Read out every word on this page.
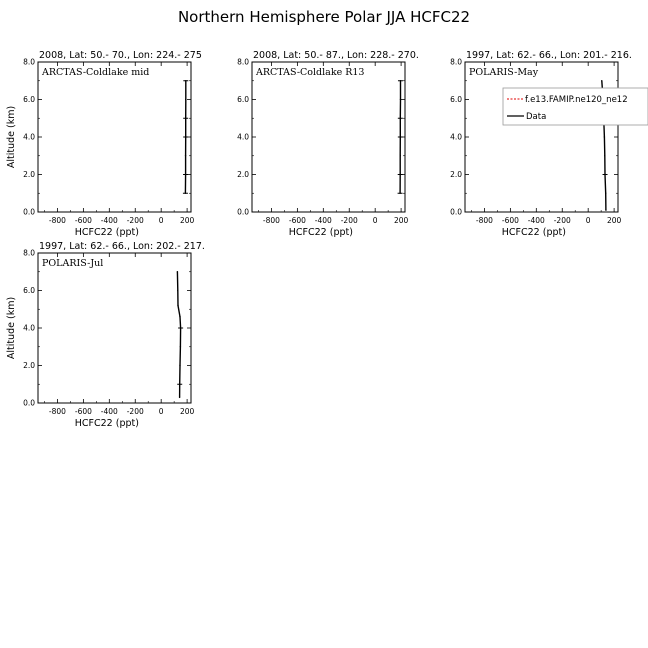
Northern Hemisphere Polar JJA HCFC22
2008, Lat: 50.- 70., Lon: 224.- 275
ARCTAS-Coldlake mid
-800 -600 -400 -200 0 200
0.0
2.0
4.0
6.0
8.0
HCFC22 (ppt)
Altitude (km)
2008, Lat: 50.- 87., Lon: 228.- 270.
ARCTAS-Coldlake R13
-800 -600 -400 -200 0 200
0.0
2.0
4.0
6.0
8.0
HCFC22 (ppt)
1997, Lat: 62.- 66., Lon: 201.- 216.
POLARIS-May
-800 -600 -400 -200 0 200
0.0
2.0
4.0
6.0
8.0
HCFC22 (ppt)
1997, Lat: 62.- 66., Lon: 202.- 217.
POLARIS-Jul
-800 -600 -400 -200 0 200
0.0
2.0
4.0
6.0
8.0
HCFC22 (ppt)
Altitude (km)
f.e13.FAMIP.ne120_ne12
Data
